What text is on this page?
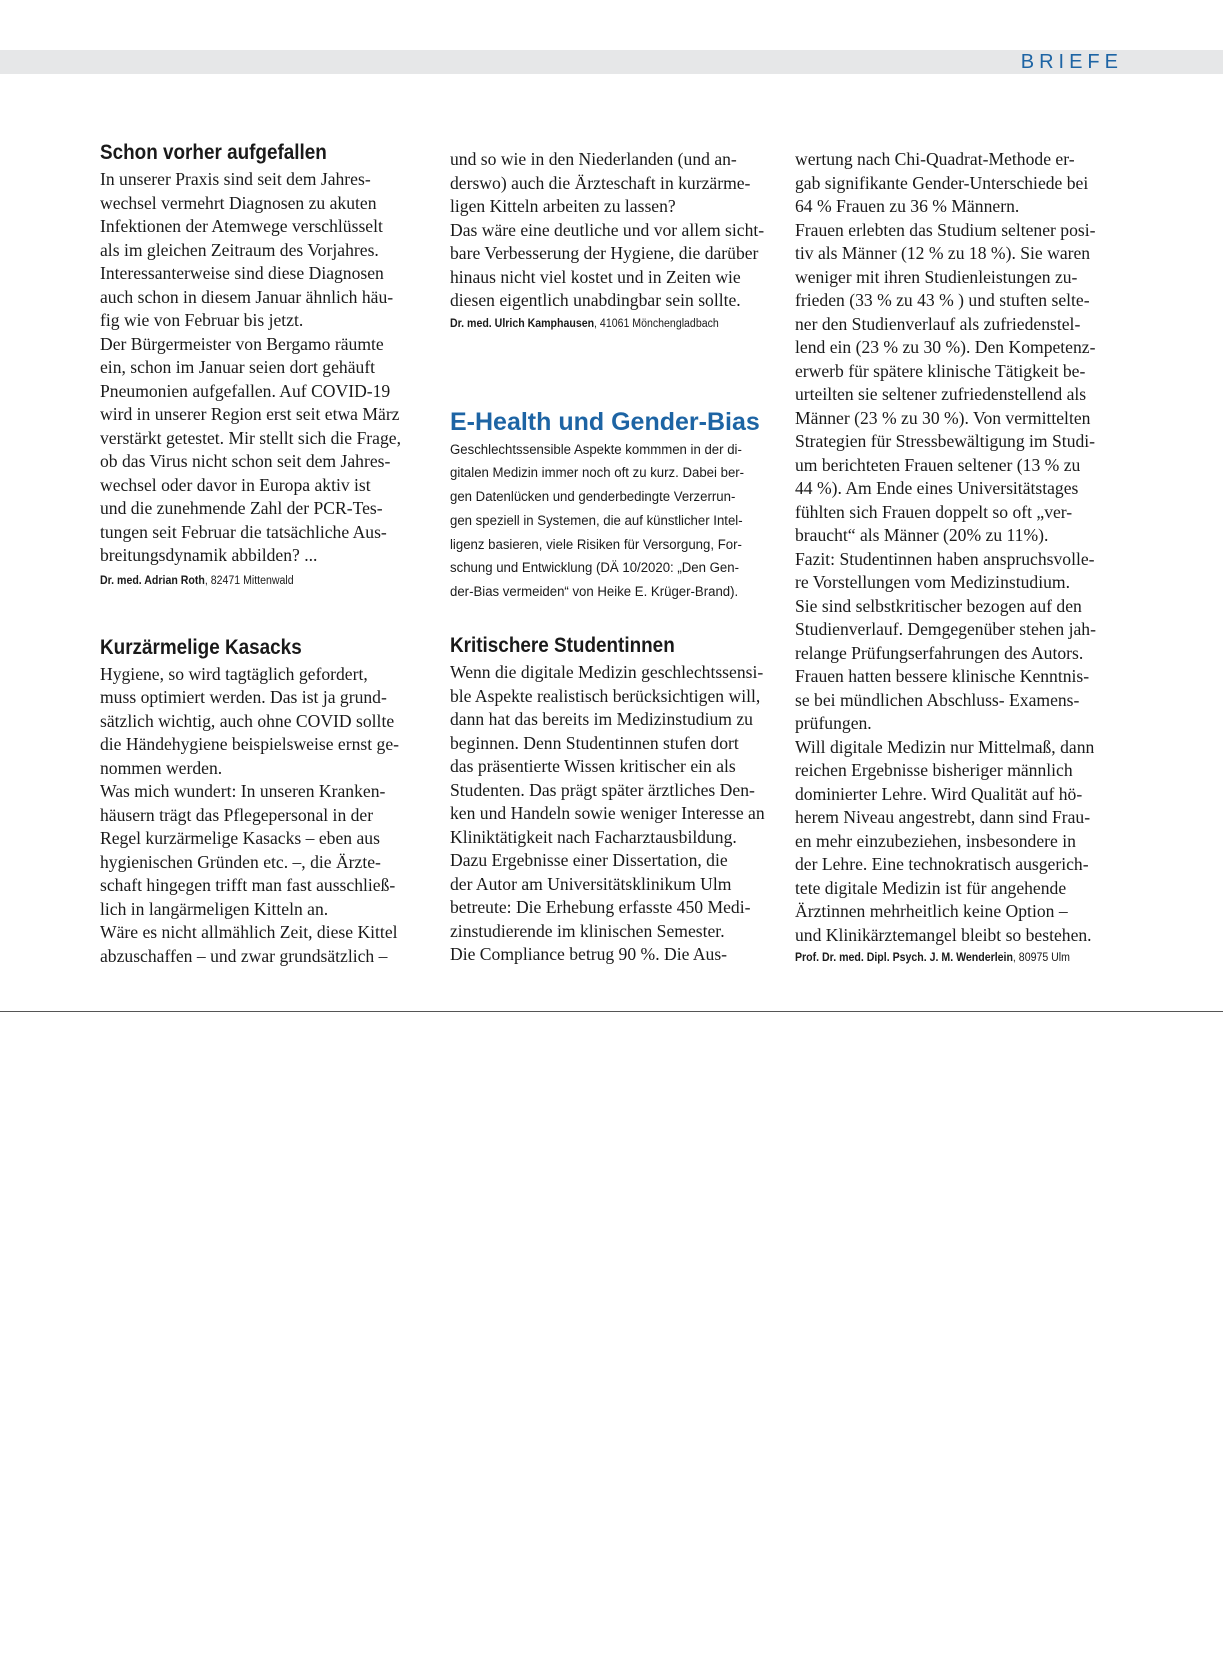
BRIEFE
Schon vorher aufgefallen

In unserer Praxis sind seit dem Jahres-
wechsel vermehrt Diagnosen zu akuten
Infektionen der Atemwege verschlüsselt
als im gleichen Zeitraum des Vorjahres.
Interessanterweise sind diese Diagnosen
auch schon in diesem Januar ähnlich häu-
fig wie von Februar bis jetzt.
Der Bürgermeister von Bergamo räumte
ein, schon im Januar seien dort gehäuft
Pneumonien aufgefallen. Auf COVID-19
wird in unserer Region erst seit etwa März
verstärkt getestet. Mir stellt sich die Frage,
ob das Virus nicht schon seit dem Jahres-
wechsel oder davor in Europa aktiv ist
und die zunehmende Zahl der PCR-Tes-
tungen seit Februar die tatsächliche Aus-
breitungsdynamik abbilden? ...

Dr. med. Adrian Roth, 82471 Mittenwald
Kurzärmelige Kasacks

Hygiene, so wird tagtäglich gefordert,
muss optimiert werden. Das ist ja grund-
sätzlich wichtig, auch ohne COVID sollte
die Händehygiene beispielsweise ernst ge-
nommen werden.
Was mich wundert: In unseren Kranken-
häusern trägt das Pflegepersonal in der
Regel kurzärmelige Kasacks – eben aus
hygienischen Gründen etc. –, die Ärzte-
schaft hingegen trifft man fast ausschließ-
lich in langärmeligen Kitteln an.
Wäre es nicht allmählich Zeit, diese Kittel
abzuschaffen – und zwar grundsätzlich –

und so wie in den Niederlanden (und an-
derswo) auch die Ärzteschaft in kurzärme-
ligen Kitteln arbeiten zu lassen?
Das wäre eine deutliche und vor allem sicht-
bare Verbesserung der Hygiene, die darüber
hinaus nicht viel kostet und in Zeiten wie
diesen eigentlich unabdingbar sein sollte.

Dr. med. Ulrich Kamphausen, 41061 Mönchengladbach
E-Health und Gender-Bias

Geschlechtssensible Aspekte kommmen in der di-
gitalen Medizin immer noch oft zu kurz. Dabei ber-
gen Datenlücken und genderbedingte Verzerrun-
gen speziell in Systemen, die auf künstlicher Intel-
ligenz basieren, viele Risiken für Versorgung, For-
schung und Entwicklung (DÄ 10/2020: „Den Gen-
der-Bias vermeiden“ von Heike E. Krüger-Brand).

Kritischere Studentinnen

Wenn die digitale Medizin geschlechtssensi-
ble Aspekte realistisch berücksichtigen will,
dann hat das bereits im Medizinstudium zu
beginnen. Denn Studentinnen stufen dort
das präsentierte Wissen kritischer ein als
Studenten. Das prägt später ärztliches Den-
ken und Handeln sowie weniger Interesse an
Kliniktätigkeit nach Facharztausbildung.
Dazu Ergebnisse einer Dissertation, die
der Autor am Universitätsklinikum Ulm
betreute: Die Erhebung erfasste 450 Medi-
zinstudierende im klinischen Semester.
Die Compliance betrug 90 %. Die Aus-

wertung nach Chi-Quadrat-Methode er-
gab signifikante Gender-Unterschiede bei
64 % Frauen zu 36 % Männern.
Frauen erlebten das Studium seltener posi-
tiv als Männer (12 % zu 18 %). Sie waren
weniger mit ihren Studienleistungen zu-
frieden (33 % zu 43 % ) und stuften selte-
ner den Studienverlauf als zufriedenstel-
lend ein (23 % zu 30 %). Den Kompetenz-
erwerb für spätere klinische Tätigkeit be-
urteilten sie seltener zufriedenstellend als
Männer (23 % zu 30 %). Von vermittelten
Strategien für Stressbewältigung im Studi-
um berichteten Frauen seltener (13 % zu
44 %). Am Ende eines Universitätstages
fühlten sich Frauen doppelt so oft „ver-
braucht“ als Männer (20% zu 11%).
Fazit: Studentinnen haben anspruchsvolle-
re Vorstellungen vom Medizinstudium.
Sie sind selbstkritischer bezogen auf den
Studienverlauf. Demgegenüber stehen jah-
relange Prüfungserfahrungen des Autors.
Frauen hatten bessere klinische Kenntnis-
se bei mündlichen Abschluss- Examens-
prüfungen.
Will digitale Medizin nur Mittelmaß, dann
reichen Ergebnisse bisheriger männlich
dominierter Lehre. Wird Qualität auf hö-
herem Niveau angestrebt, dann sind Frau-
en mehr einzubeziehen, insbesondere in
der Lehre. Eine technokratisch ausgerich-
tete digitale Medizin ist für angehende
Ärztinnen mehrheitlich keine Option –
und Klinikärztemangel bleibt so bestehen.

Prof. Dr. med. Dipl. Psych. J. M. Wenderlein, 80975 Ulm
